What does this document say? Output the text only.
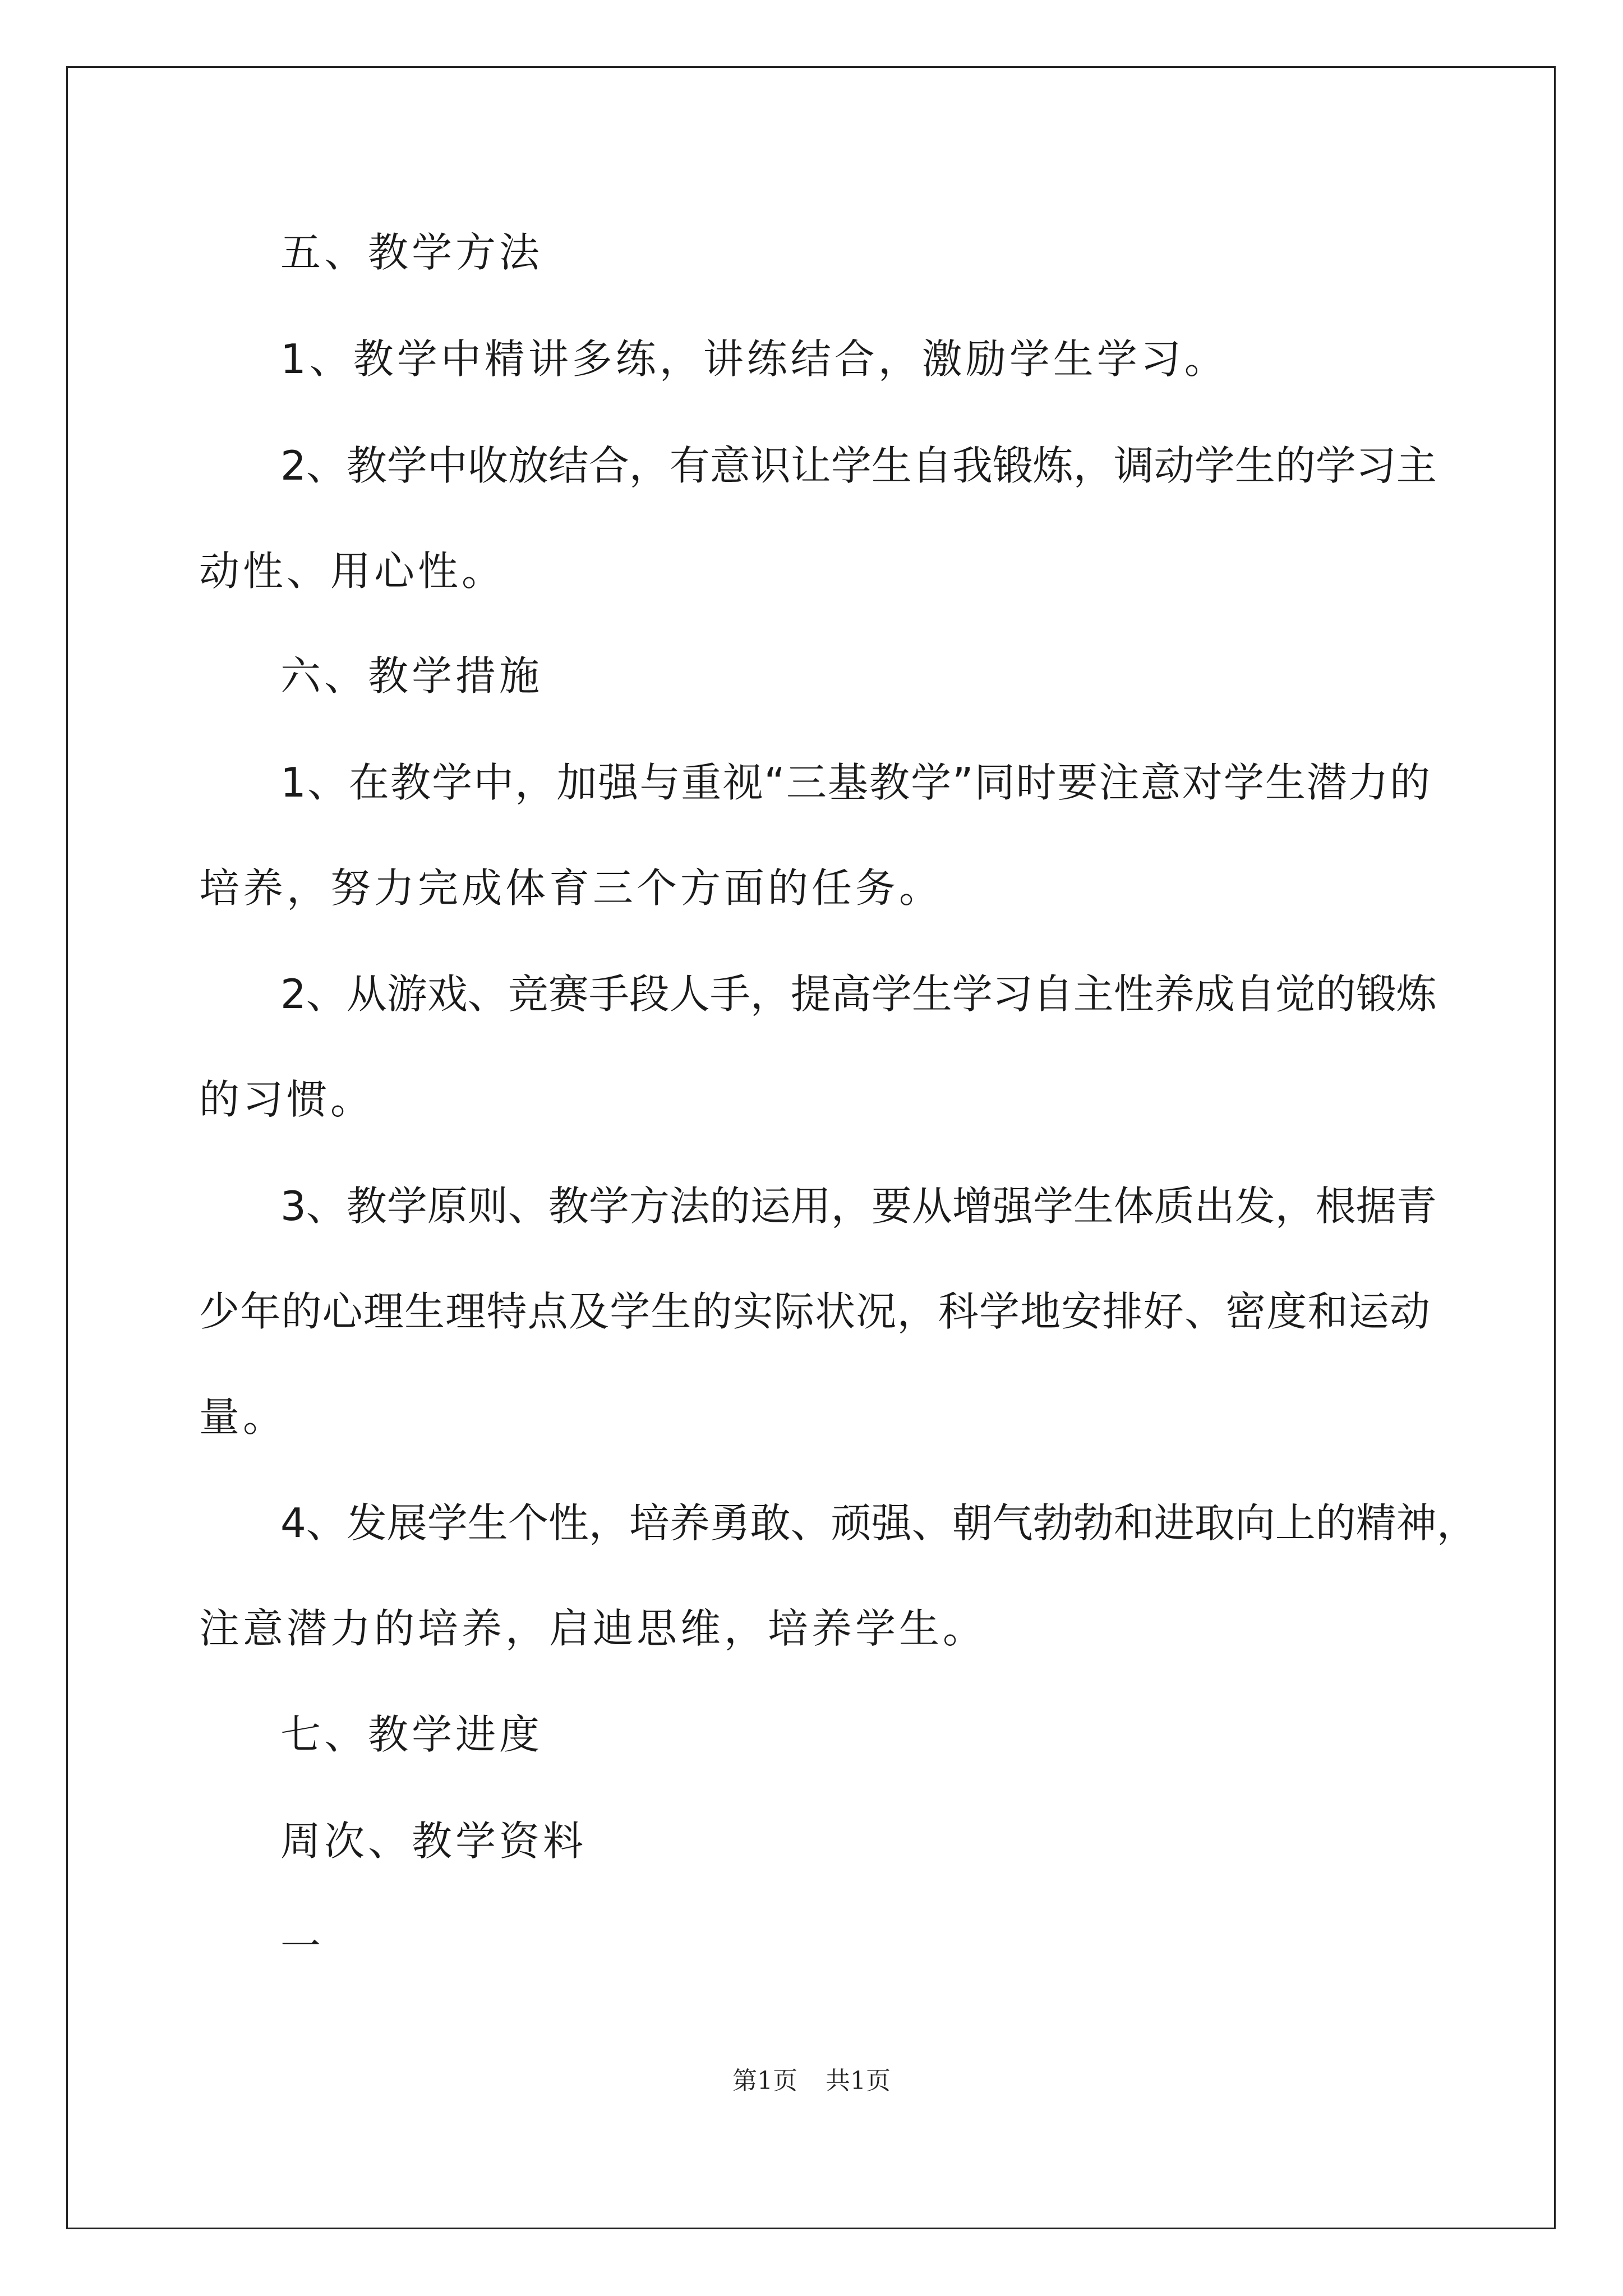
五、教学方法
1、教学中精讲多练，讲练结合，激励学生学习。
2、教学中收放结合，有意识让学生自我锻炼，调动学生的学习主
动性、用心性。
六、教学措施
1、在教学中，加强与重视“三基教学”同时要注意对学生潜力的
培养，努力完成体育三个方面的任务。
2、从游戏、竞赛手段人手，提高学生学习自主性养成自觉的锻炼
的习惯。
3、教学原则、教学方法的运用，要从增强学生体质出发，根据青
少年的心理生理特点及学生的实际状况，科学地安排好、密度和运动
量。
4、发展学生个性，培养勇敢、顽强、朝气勃勃和进取向上的精神，
注意潜力的培养，启迪思维，培养学生。
七、教学进度
周次、教学资料
一
第1页 共1页
